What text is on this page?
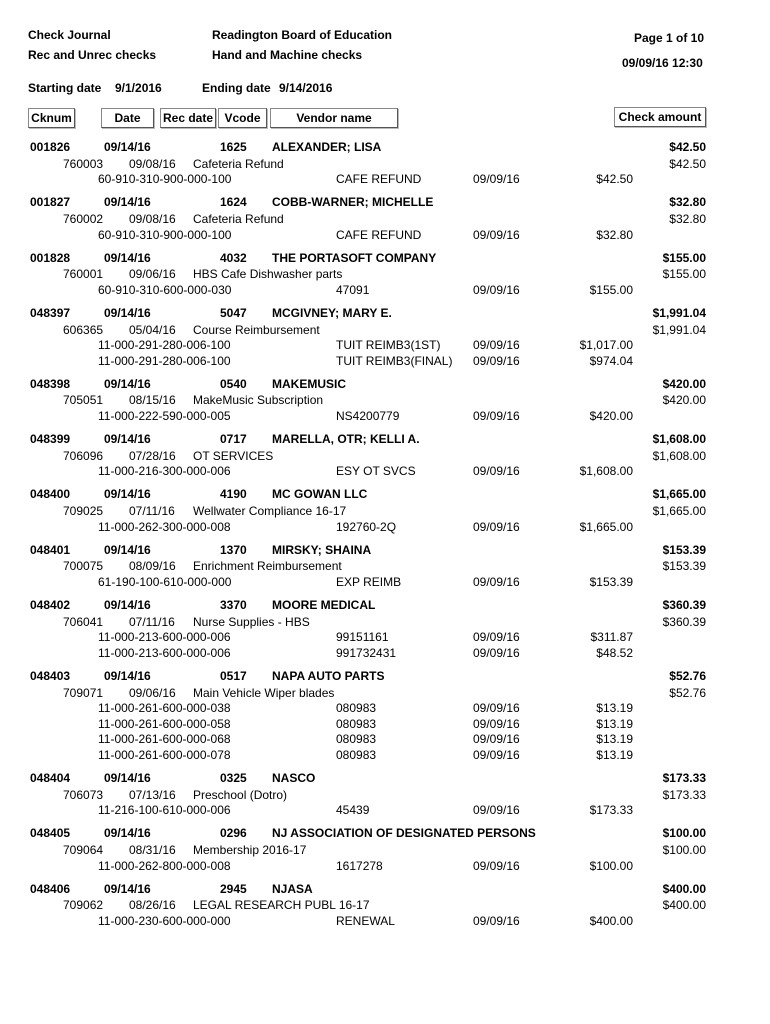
Check Journal	Readington Board of Education	Page 1 of 10
Rec and Unrec checks	Hand and Machine checks
09/09/16 12:30
Starting date 9/1/2016	Ending date 9/14/2016
Cknum	Date	Rec date Vcode	Vendor name	Check amount
001826	09/14/16	1625 ALEXANDER; LISA	$42.50
760003 09/08/16 Cafeteria Refund	$42.50
60-910-310-900-000-100	CAFE REFUND	09/09/16	$42.50
001827	09/14/16	1624 COBB-WARNER; MICHELLE	$32.80
760002 09/08/16 Cafeteria Refund	$32.80
60-910-310-900-000-100	CAFE REFUND	09/09/16	$32.80
001828	09/14/16	4032 THE PORTASOFT COMPANY	$155.00
760001 09/06/16 HBS Cafe Dishwasher parts	$155.00
60-910-310-600-000-030	47091	09/09/16	$155.00
048397	09/14/16	5047 MCGIVNEY; MARY E.	$1,991.04
606365 05/04/16 Course Reimbursement	$1,991.04
11-000-291-280-006-100	TUIT REIMB3(1ST)	09/09/16	$1,017.00
11-000-291-280-006-100	TUIT REIMB3(FINAL) 09/09/16	$974.04
048398	09/14/16	0540 MAKEMUSIC	$420.00
705051 08/15/16 MakeMusic Subscription	$420.00
11-000-222-590-000-005	NS4200779	09/09/16	$420.00
048399	09/14/16	0717 MARELLA, OTR; KELLI A.	$1,608.00
706096 07/28/16 OT SERVICES	$1,608.00
11-000-216-300-000-006	ESY OT SVCS	09/09/16	$1,608.00
048400	09/14/16	4190 MC GOWAN LLC	$1,665.00
709025 07/11/16 Wellwater Compliance 16-17	$1,665.00
11-000-262-300-000-008	192760-2Q	09/09/16	$1,665.00
048401	09/14/16	1370 MIRSKY; SHAINA	$153.39
700075 08/09/16 Enrichment Reimbursement	$153.39
61-190-100-610-000-000	EXP REIMB	09/09/16	$153.39
048402	09/14/16	3370 MOORE MEDICAL	$360.39
706041 07/11/16 Nurse Supplies - HBS	$360.39
11-000-213-600-000-006	99151161	09/09/16	$311.87
11-000-213-600-000-006	991732431	09/09/16	$48.52
048403	09/14/16	0517 NAPA AUTO PARTS	$52.76
709071 09/06/16 Main Vehicle Wiper blades	$52.76
11-000-261-600-000-038	080983	09/09/16	$13.19
11-000-261-600-000-058	080983	09/09/16	$13.19
11-000-261-600-000-068	080983	09/09/16	$13.19
11-000-261-600-000-078	080983	09/09/16	$13.19
048404	09/14/16	0325 NASCO	$173.33
706073 07/13/16 Preschool (Dotro)	$173.33
11-216-100-610-000-006	45439	09/09/16	$173.33
048405	09/14/16	0296 NJ ASSOCIATION OF DESIGNATED PERSONS	$100.00
709064 08/31/16 Membership 2016-17	$100.00
11-000-262-800-000-008	1617278	09/09/16	$100.00
048406	09/14/16	2945 NJASA	$400.00
709062 08/26/16 LEGAL RESEARCH PUBL 16-17	$400.00
11-000-230-600-000-000	RENEWAL	09/09/16	$400.00
